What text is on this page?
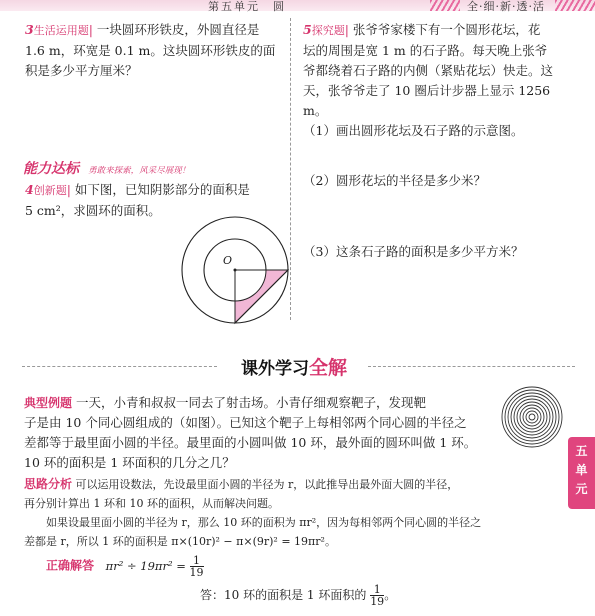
第五单元　圆	全·细·新·透·活
3生活运用题| 一块圆环形铁皮，外圆直径是
1.6 m，环宽是 0.1 m。这块圆环形铁皮的面
积是多少平方厘米？
能力达标 勇敢来探索，风采尽展现！
4创新题| 如下图，已知阴影部分的面积是
5 cm²，求圆环的面积。
O
5探究题| 张爷爷家楼下有一个圆形花坛，花
坛的周围是宽 1 m 的石子路。每天晚上张爷
爷都绕着石子路的内侧（紧贴花坛）快走。这
天，张爷爷走了 10 圈后计步器上显示 1256 m。
（1）画出圆形花坛及石子路的示意图。
（2）圆形花坛的半径是多少米？
（3）这条石子路的面积是多少平方米？
课外学习全解
典型例题 一天，小青和叔叔一同去了射击场。小青仔细观察靶子，发现靶
子是由 10 个同心圆组成的（如图）。已知这个靶子上每相邻两个同心圆的半径之
差都等于最里面小圆的半径。最里面的小圆叫做 10 环，最外面的圆环叫做 1 环。
10 环的面积是 1 环面积的几分之几？
思路分析 可以运用设数法，先设最里面小圆的半径为 r，以此推导出最外面大圆的半径，
再分别计算出 1 环和 10 环的面积，从而解决问题。
如果设最里面小圆的半径为 r，那么 10 环的面积为 πr²，因为每相邻两个同心圆的半径之
差都是 r，所以 1 环的面积是 π×(10r)² − π×(9r)² = 19πr²。
正确解答 $\pi r^2 \div 19\pi r^2 = \frac{1}{19}$
答：10 环的面积是 1 环面积的 $\frac{1}{19}$ 。
五
单
元
